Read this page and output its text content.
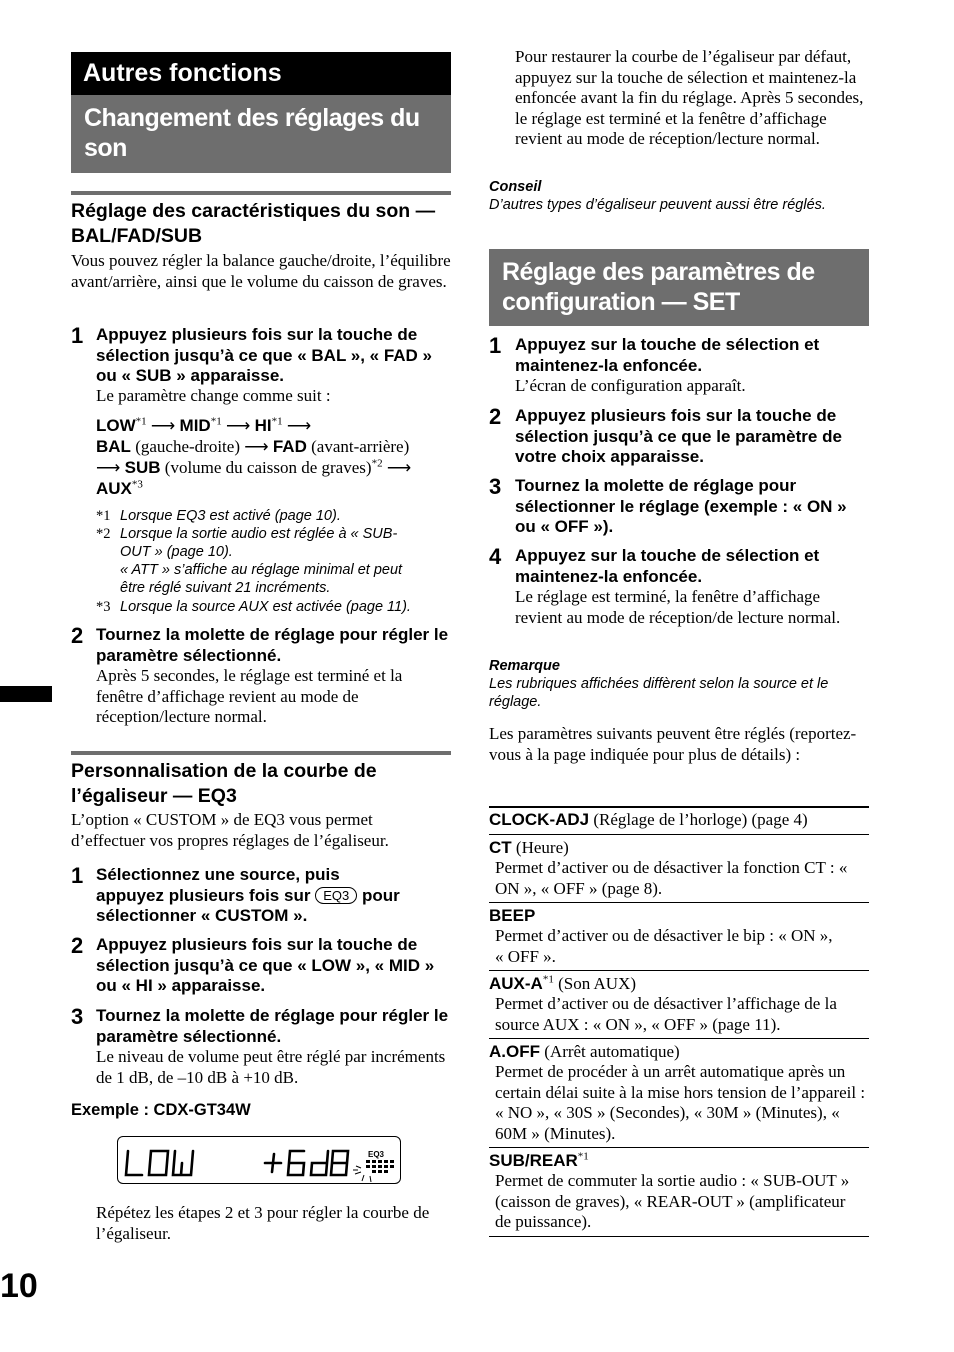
Autres fonctions
Changement des réglages du son
Réglage des caractéristiques du son — BAL/FAD/SUB
Vous pouvez régler la balance gauche/droite, l’équilibre avant/arrière, ainsi que le volume du caisson de graves.
1 Appuyez plusieurs fois sur la touche de sélection jusqu’à ce que « BAL », « FAD » ou « SUB » apparaisse.
Le paramètre change comme suit :
LOW$^{*1}$ ⟶ MID$^{*1}$ ⟶ HI$^{*1}$ ⟶
BAL (gauche-droite) ⟶ FAD (avant-arrière)
⟶ SUB (volume du caisson de graves)$^{*2}$ ⟶
AUX$^{*3}$
*1 Lorsque EQ3 est activé (page 10).
*2 Lorsque la sortie audio est réglée à « SUB-
OUT » (page 10).
« ATT » s’affiche au réglage minimal et peut
être réglé suivant 21 incréments.
*3 Lorsque la source AUX est activée (page 11).
2 Tournez la molette de réglage pour régler le paramètre sélectionné.
Après 5 secondes, le réglage est terminé et la fenêtre d’affichage revient au mode de réception/lecture normal.
Personnalisation de la courbe de l’égaliseur — EQ3
L’option « CUSTOM » de EQ3 vous permet d’effectuer vos propres réglages de l’égaliseur.
1 Sélectionnez une source, puis
appuyez plusieurs fois sur EQ3 pour
sélectionner « CUSTOM ».
2 Appuyez plusieurs fois sur la touche de sélection jusqu’à ce que « LOW », « MID » ou « HI » apparaisse.
3 Tournez la molette de réglage pour régler le paramètre sélectionné.
Le niveau de volume peut être réglé par incréments de 1 dB, de –10 dB à +10 dB.
Exemple : CDX-GT34W
EQ3
Répétez les étapes 2 et 3 pour régler la courbe de l’égaliseur.
10
Pour restaurer la courbe de l’égaliseur par défaut, appuyez sur la touche de sélection et maintenez-la enfoncée avant la fin du réglage. Après 5 secondes, le réglage est terminé et la fenêtre d’affichage revient au mode de réception/lecture normal.
Conseil
D’autres types d’égaliseur peuvent aussi être réglés.
Réglage des paramètres de configuration — SET
1 Appuyez sur la touche de sélection et maintenez-la enfoncée.
L’écran de configuration apparaît.
2 Appuyez plusieurs fois sur la touche de sélection jusqu’à ce que le paramètre de votre choix apparaisse.
3 Tournez la molette de réglage pour sélectionner le réglage (exemple : « ON » ou « OFF »).
4 Appuyez sur la touche de sélection et maintenez-la enfoncée.
Le réglage est terminé, la fenêtre d’affichage revient au mode de réception/de lecture normal.
Remarque
Les rubriques affichées diffèrent selon la source et le réglage.
Les paramètres suivants peuvent être réglés (reportez-vous à la page indiquée pour plus de détails) :
CLOCK-ADJ (Réglage de l’horloge) (page 4)
CT (Heure)
Permet d’activer ou de désactiver la fonction CT : « ON », « OFF » (page 8).
BEEP
Permet d’activer ou de désactiver le bip : « ON », « OFF ».
AUX-$A^{*1}$ (Son AUX)
Permet d’activer ou de désactiver l’affichage de la source AUX : « ON », « OFF » (page 11).
A.OFF (Arrêt automatique)
Permet de procéder à un arrêt automatique après un certain délai suite à la mise hors tension de l’appareil : « NO », « 30S » (Secondes), « 30M » (Minutes), « 60M » (Minutes).
SUB/REAR$^{*1}$
Permet de commuter la sortie audio : « SUB-OUT » (caisson de graves), « REAR-OUT » (amplificateur de puissance).
